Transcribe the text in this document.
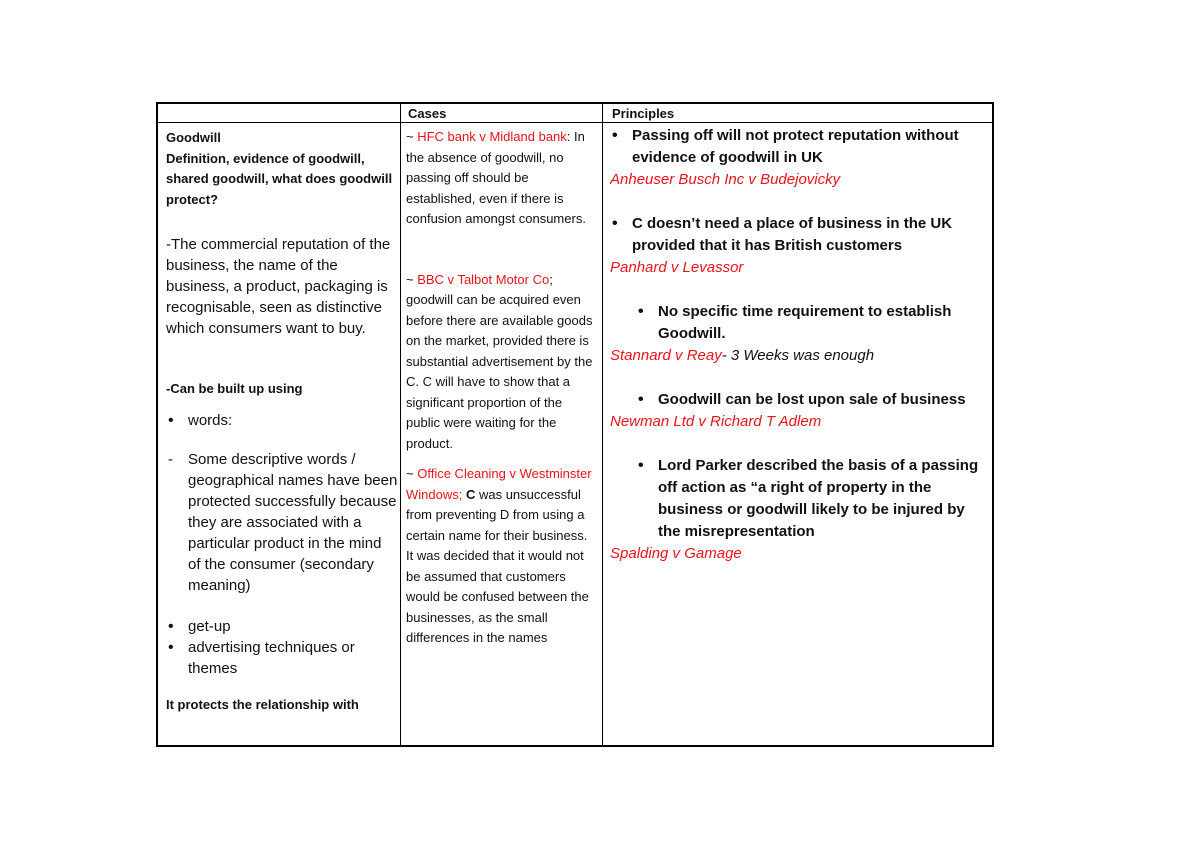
Cases	Principles

Goodwill

Definition, evidence of goodwill, shared goodwill, what does goodwill protect?

-The commercial reputation of the business, the name of the business, a product, packaging is recognisable, seen as distinctive which consumers want to buy.

-Can be built up using

• words:

- Some descriptive words / geographical names have been protected successfully because they are associated with a particular product in the mind of the consumer (secondary meaning)

• get-up
• advertising techniques or themes

It protects the relationship with

~ HFC bank v Midland bank: In the absence of goodwill, no passing off should be established, even if there is confusion amongst consumers.

~ BBC v Talbot Motor Co; goodwill can be acquired even before there are available goods on the market, provided there is substantial advertisement by the C. C will have to show that a significant proportion of the public were waiting for the product.

~ Office Cleaning v Westminster Windows; C was unsuccessful from preventing D from using a certain name for their business. It was decided that it would not be assumed that customers would be confused between the businesses, as the small differences in the names

• Passing off will not protect reputation without evidence of goodwill in UK

Anheuser Busch Inc v Budejovicky

• C doesn’t need a place of business in the UK provided that it has British customers

Panhard v Levassor

• No specific time requirement to establish Goodwill.

Stannard v Reay- 3 Weeks was enough

• Goodwill can be lost upon sale of business

Newman Ltd v Richard T Adlem

• Lord Parker described the basis of a passing off action as “a right of property in the business or goodwill likely to be injured by the misrepresentation

Spalding v Gamage
